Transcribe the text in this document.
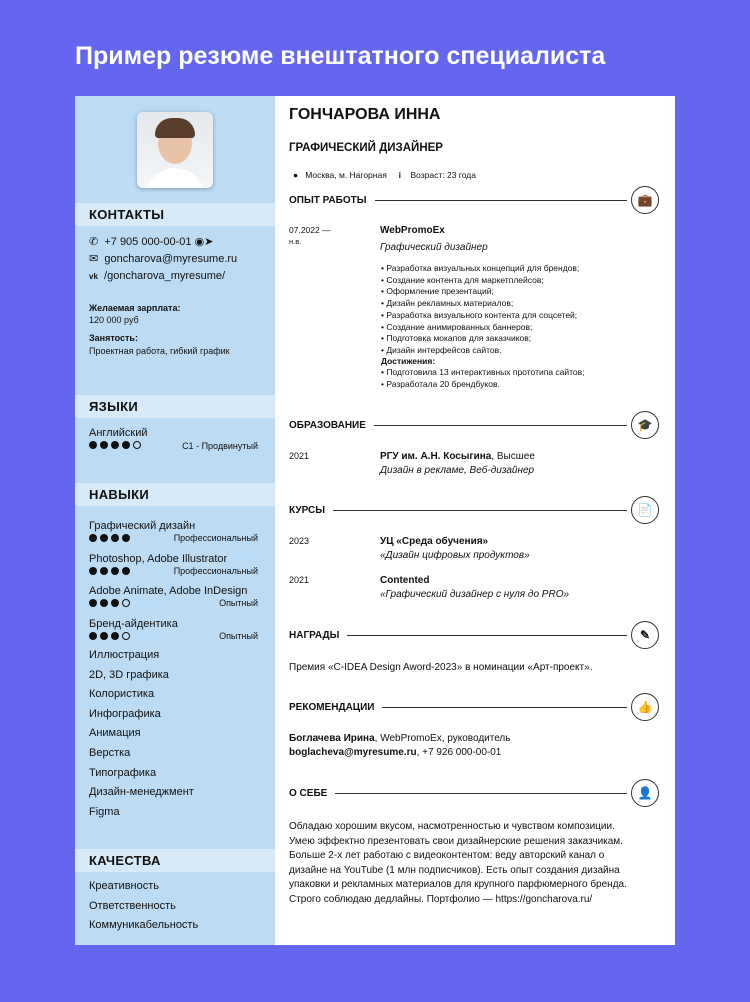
Пример резюме внештатного специалиста
КОНТАКТЫ
✆ +7 905 000-00-01 ◉➤
✉ goncharova@myresume.ru
vk /goncharova_myresume/
Желаемая зарплата:
120 000 руб
Занятость:
Проектная работа, гибкий график
ЯЗЫКИ
Английский
C1 - Продвинутый
НАВЫКИ
КАЧЕСТВА
Графический дизайн
Профессиональный
Photoshop, Adobe Illustrator
Профессиональный
Adobe Animate, Adobe InDesign
Опытный
Бренд-айдентика
Опытный
Иллюстрация
2D, 3D графика
Колористика
Инфографика
Анимация
Верстка
Типографика
Дизайн-менеджмент
Figma
Креативность
Ответственность
Коммуникабельность
ГОНЧАРОВА ИННА
ГРАФИЧЕСКИЙ ДИЗАЙНЕР
● Москва, м. Нагорная i Возраст: 23 года
ОПЫТ РАБОТЫ	💼
07.2022 —
н.в.
WebPromoEx
Графический дизайнер
• Разработка визуальных концепций для брендов;
• Создание контента для маркетплейсов;
• Оформление презентаций;
• Дизайн рекламных материалов;
• Разработка визуального контента для соцсетей;
• Создание анимированных баннеров;
• Подготовка мокапов для заказчиков;
• Дизайн интерфейсов сайтов.
Достижения:
• Подготовила 13 интерактивных прототипа сайтов;
• Разработала 20 брендбуков.
ОБРАЗОВАНИЕ	🎓
2021	РГУ им. А.Н. Косыгина, Высшее
Дизайн в рекламе, Веб-дизайнер
КУРСЫ	📄
НАГРАДЫ	✎
Премия «C-IDEA Design Aword-2023» в номинации «Арт-проект».
РЕКОМЕНДАЦИИ	👍
Боглачева Ирина, WebPromoEx, руководитель
boglacheva@myresume.ru, +7 926 000-00-01
О СЕБЕ	👤
Обладаю хорошим вкусом, насмотренностью и чувством композиции.
Умею эффектно презентовать свои дизайнерские решения заказчикам.
Больше 2-х лет работаю с видеоконтентом: веду авторский канал о
дизайне на YouTube (1 млн подписчиков). Есть опыт создания дизайна
упаковки и рекламных материалов для крупного парфюмерного бренда.
Строго соблюдаю дедлайны. Портфолио — https://goncharova.ru/
2023	УЦ «Среда обучения»
«Дизайн цифровых продуктов»
2021	Contented
«Графический дизайнер с нуля до PRO»
